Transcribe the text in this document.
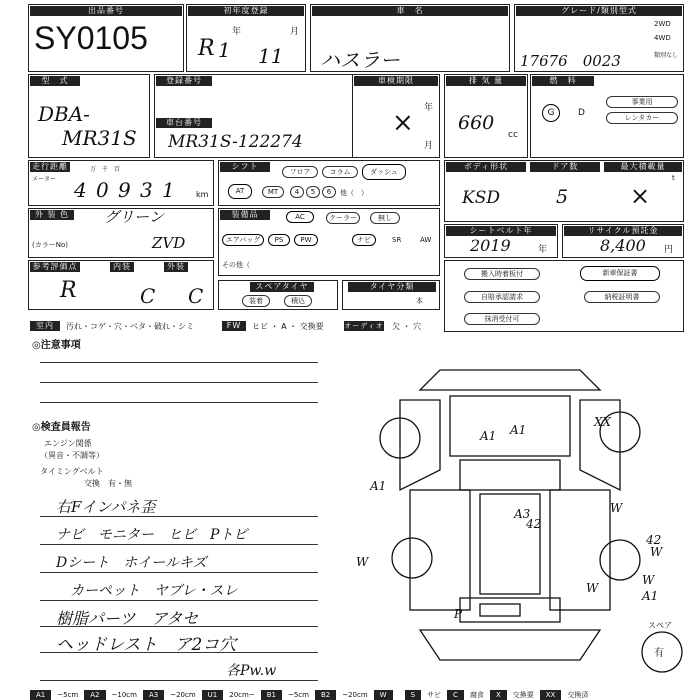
出品番号
SY0105
初年度登録
年	月
R 1 11
車　名
ハスラー
グレード/類別型式
17676　0023
2WD
4WD
類別なし
型　式
DBA-
MR31S
登録番号
車台番号
MR31S-122274
車検期限
年
月
×
排 気 量
660
cc
燃　料
G	D
事業用
レンタカー
走行距離
メーター
万　千　百
4 0 9 3 1	km
シフト
フロア	コラム	ダッシュ
AT	MT	4	5	6	他（　）
ボディ形状	ドア数	最大積載量
KSD	5
t
×
外 装 色	グリーン
(カラーNo)	ZVD
装備品	AC	クーラー	無し
エアバッグ	PS	PW	ナビ	SR	AW
その他（
シートベルト年
2019	年
リサイクル預託金
8,400 円
参考評価点	内装	外装
R	C C	スペアタイヤ
装着	積込
タイヤ分類
本
搬入時着板付	新車保証書
自賠承認請求	納税証明書
抹消受付可
室内	汚れ・コゲ・穴・ベタ・破れ・シミ	FW	ヒビ ・ A ・ 交換要	オーディオ 欠 ・ 穴
◎注意事項
◎検査員報告
エンジン関係
（異音・不調等）
タイミングベルト
交換　有・無
右Fインパネ歪
ナビ　モニター　ヒビ　Pトビ
Dシート　ホイールキズ
カーペット　ヤブレ・スレ
樹脂パーツ　アタセ
ヘッドレスト　ア2コ穴
各Pw.w
A1
A1
XX
W
A3
42
W
42
W
W
A1
P
W
A1
スペア
有
A1	~5cm	A2	~10cm	A3	~20cm	U1	20cm~	B1	~5cm	B2	~20cm	W	S	サビ	C	腐食	X	交換要	XX	交換済
